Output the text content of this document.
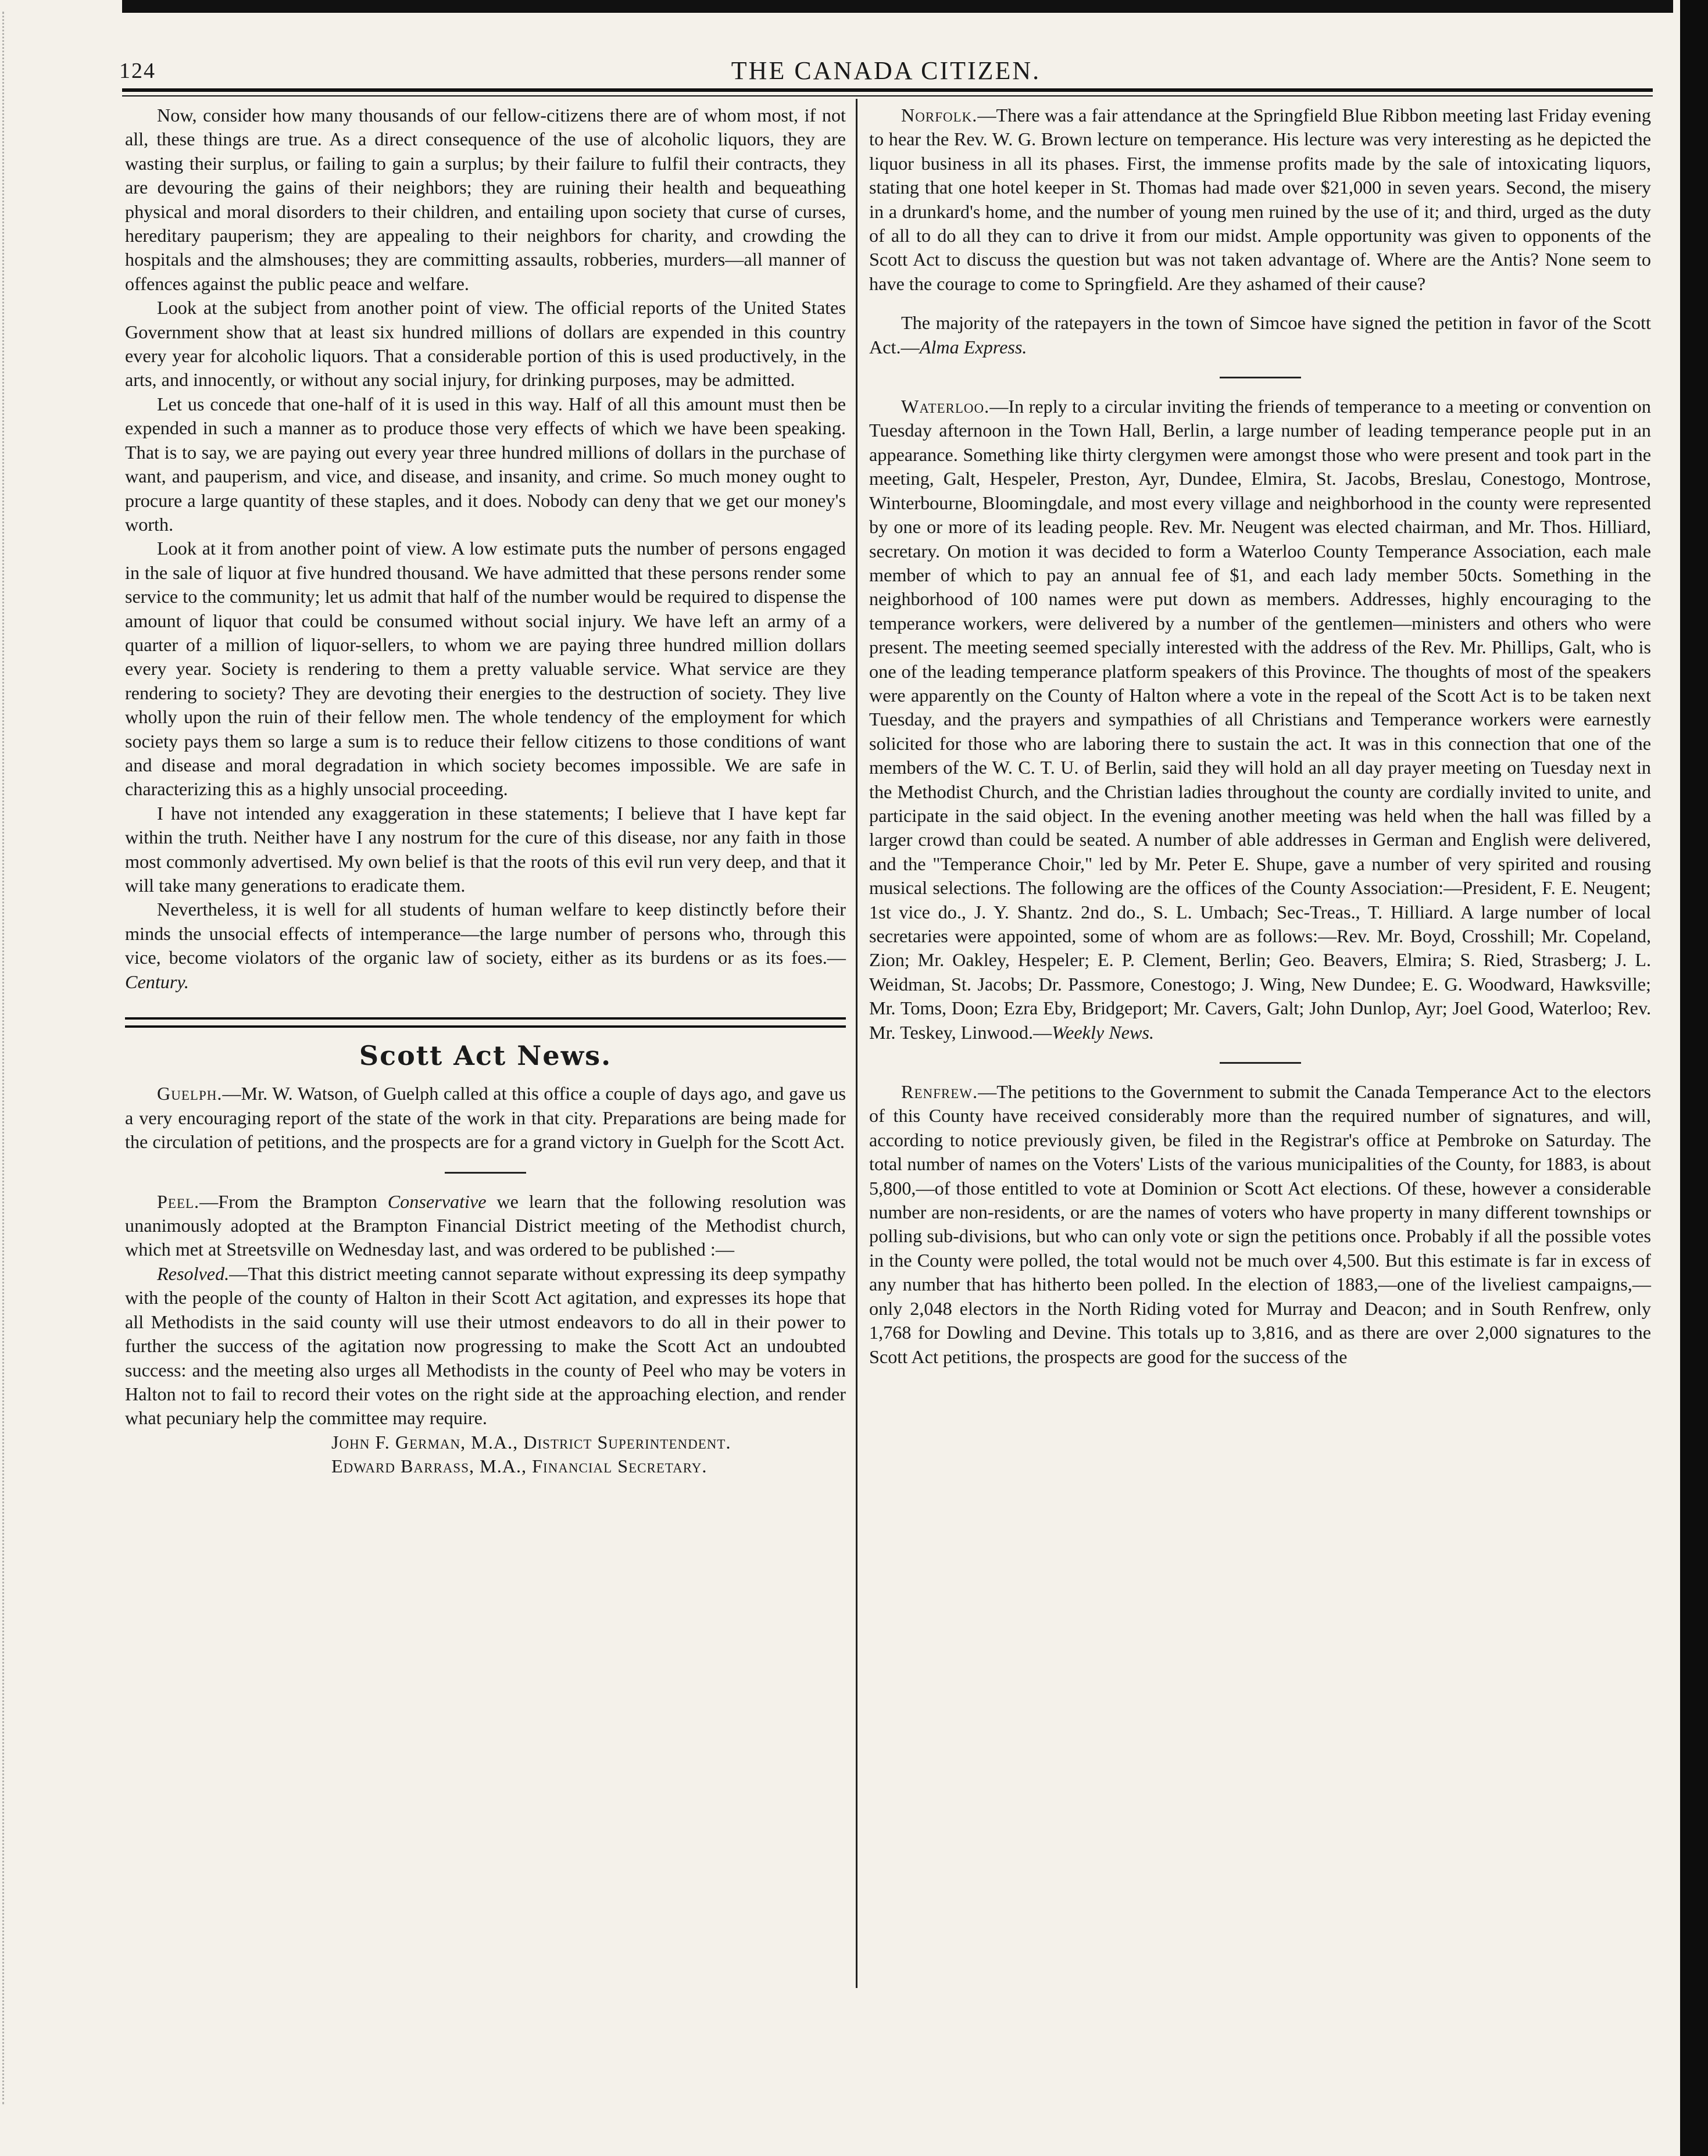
124	THE CANADA CITIZEN.

Now, consider how many thousands of our fellow-citizens there are of whom most, if not all, these things are true. As a direct consequence of the use of alcoholic liquors, they are wasting their surplus, or failing to gain a surplus; by their failure to fulfil their contracts, they are devouring the gains of their neighbors; they are ruining their health and bequeathing physical and moral disorders to their children, and entailing upon society that curse of curses, hereditary pauperism; they are appealing to their neighbors for charity, and crowding the hospitals and the almshouses; they are committing assaults, robberies, murders—all manner of offences against the public peace and welfare.

Look at the subject from another point of view. The official reports of the United States Government show that at least six hundred millions of dollars are expended in this country every year for alcoholic liquors. That a considerable portion of this is used productively, in the arts, and innocently, or without any social injury, for drinking purposes, may be admitted.

Let us concede that one-half of it is used in this way. Half of all this amount must then be expended in such a manner as to produce those very effects of which we have been speaking. That is to say, we are paying out every year three hundred millions of dollars in the purchase of want, and pauperism, and vice, and disease, and insanity, and crime. So much money ought to procure a large quantity of these staples, and it does. Nobody can deny that we get our money's worth.

Look at it from another point of view. A low estimate puts the number of persons engaged in the sale of liquor at five hundred thousand. We have admitted that these persons render some service to the community; let us admit that half of the number would be required to dispense the amount of liquor that could be consumed without social injury. We have left an army of a quarter of a million of liquor-sellers, to whom we are paying three hundred million dollars every year. Society is rendering to them a pretty valuable service. What service are they rendering to society? They are devoting their energies to the destruction of society. They live wholly upon the ruin of their fellow men. The whole tendency of the employment for which society pays them so large a sum is to reduce their fellow citizens to those conditions of want and disease and moral degradation in which society becomes impossible. We are safe in characterizing this as a highly unsocial proceeding.

I have not intended any exaggeration in these statements; I believe that I have kept far within the truth. Neither have I any nostrum for the cure of this disease, nor any faith in those most commonly advertised. My own belief is that the roots of this evil run very deep, and that it will take many generations to eradicate them.

Nevertheless, it is well for all students of human welfare to keep distinctly before their minds the unsocial effects of intemperance—the large number of persons who, through this vice, become violators of the organic law of society, either as its burdens or as its foes.—Century.

Scott Act News.

Guelph.—Mr. W. Watson, of Guelph called at this office a couple of days ago, and gave us a very encouraging report of the state of the work in that city. Preparations are being made for the circulation of petitions, and the prospects are for a grand victory in Guelph for the Scott Act.

Peel.—From the Brampton Conservative we learn that the following resolution was unanimously adopted at the Brampton Financial District meeting of the Methodist church, which met at Streetsville on Wednesday last, and was ordered to be published :—

Resolved.—That this district meeting cannot separate without expressing its deep sympathy with the people of the county of Halton in their Scott Act agitation, and expresses its hope that all Methodists in the said county will use their utmost endeavors to do all in their power to further the success of the agitation now progressing to make the Scott Act an undoubted success: and the meeting also urges all Methodists in the county of Peel who may be voters in Halton not to fail to record their votes on the right side at the approaching election, and render what pecuniary help the committee may require.

John F. German, M.A., District Superintendent.

Edward Barrass, M.A., Financial Secretary.

Norfolk.—There was a fair attendance at the Springfield Blue Ribbon meeting last Friday evening to hear the Rev. W. G. Brown lecture on temperance. His lecture was very interesting as he depicted the liquor business in all its phases. First, the immense profits made by the sale of intoxicating liquors, stating that one hotel keeper in St. Thomas had made over $21,000 in seven years. Second, the misery in a drunkard's home, and the number of young men ruined by the use of it; and third, urged as the duty of all to do all they can to drive it from our midst. Ample opportunity was given to opponents of the Scott Act to discuss the question but was not taken advantage of. Where are the Antis? None seem to have the courage to come to Springfield. Are they ashamed of their cause?

The majority of the ratepayers in the town of Simcoe have signed the petition in favor of the Scott Act.—Alma Express.

Waterloo.—In reply to a circular inviting the friends of temperance to a meeting or convention on Tuesday afternoon in the Town Hall, Berlin, a large number of leading temperance people put in an appearance. Something like thirty clergymen were amongst those who were present and took part in the meeting, Galt, Hespeler, Preston, Ayr, Dundee, Elmira, St. Jacobs, Breslau, Conestogo, Montrose, Winterbourne, Bloomingdale, and most every village and neighborhood in the county were represented by one or more of its leading people. Rev. Mr. Neugent was elected chairman, and Mr. Thos. Hilliard, secretary. On motion it was decided to form a Waterloo County Temperance Association, each male member of which to pay an annual fee of $1, and each lady member 50cts. Something in the neighborhood of 100 names were put down as members. Addresses, highly encouraging to the temperance workers, were delivered by a number of the gentlemen—ministers and others who were present. The meeting seemed specially interested with the address of the Rev. Mr. Phillips, Galt, who is one of the leading temperance platform speakers of this Province. The thoughts of most of the speakers were apparently on the County of Halton where a vote in the repeal of the Scott Act is to be taken next Tuesday, and the prayers and sympathies of all Christians and Temperance workers were earnestly solicited for those who are laboring there to sustain the act. It was in this connection that one of the members of the W. C. T. U. of Berlin, said they will hold an all day prayer meeting on Tuesday next in the Methodist Church, and the Christian ladies throughout the county are cordially invited to unite, and participate in the said object. In the evening another meeting was held when the hall was filled by a larger crowd than could be seated. A number of able addresses in German and English were delivered, and the "Temperance Choir," led by Mr. Peter E. Shupe, gave a number of very spirited and rousing musical selections. The following are the offices of the County Association:—President, F. E. Neugent; 1st vice do., J. Y. Shantz. 2nd do., S. L. Umbach; Sec-Treas., T. Hilliard. A large number of local secretaries were appointed, some of whom are as follows:—Rev. Mr. Boyd, Crosshill; Mr. Copeland, Zion; Mr. Oakley, Hespeler; E. P. Clement, Berlin; Geo. Beavers, Elmira; S. Ried, Strasberg; J. L. Weidman, St. Jacobs; Dr. Passmore, Conestogo; J. Wing, New Dundee; E. G. Woodward, Hawksville; Mr. Toms, Doon; Ezra Eby, Bridgeport; Mr. Cavers, Galt; John Dunlop, Ayr; Joel Good, Waterloo; Rev. Mr. Teskey, Linwood.—Weekly News.

Renfrew.—The petitions to the Government to submit the Canada Temperance Act to the electors of this County have received considerably more than the required number of signatures, and will, according to notice previously given, be filed in the Registrar's office at Pembroke on Saturday. The total number of names on the Voters' Lists of the various municipalities of the County, for 1883, is about 5,800,—of those entitled to vote at Dominion or Scott Act elections. Of these, however a considerable number are non-residents, or are the names of voters who have property in many different townships or polling sub-divisions, but who can only vote or sign the petitions once. Probably if all the possible votes in the County were polled, the total would not be much over 4,500. But this estimate is far in excess of any number that has hitherto been polled. In the election of 1883,—one of the liveliest campaigns,—only 2,048 electors in the North Riding voted for Murray and Deacon; and in South Renfrew, only 1,768 for Dowling and Devine. This totals up to 3,816, and as there are over 2,000 signatures to the Scott Act petitions, the prospects are good for the success of the
